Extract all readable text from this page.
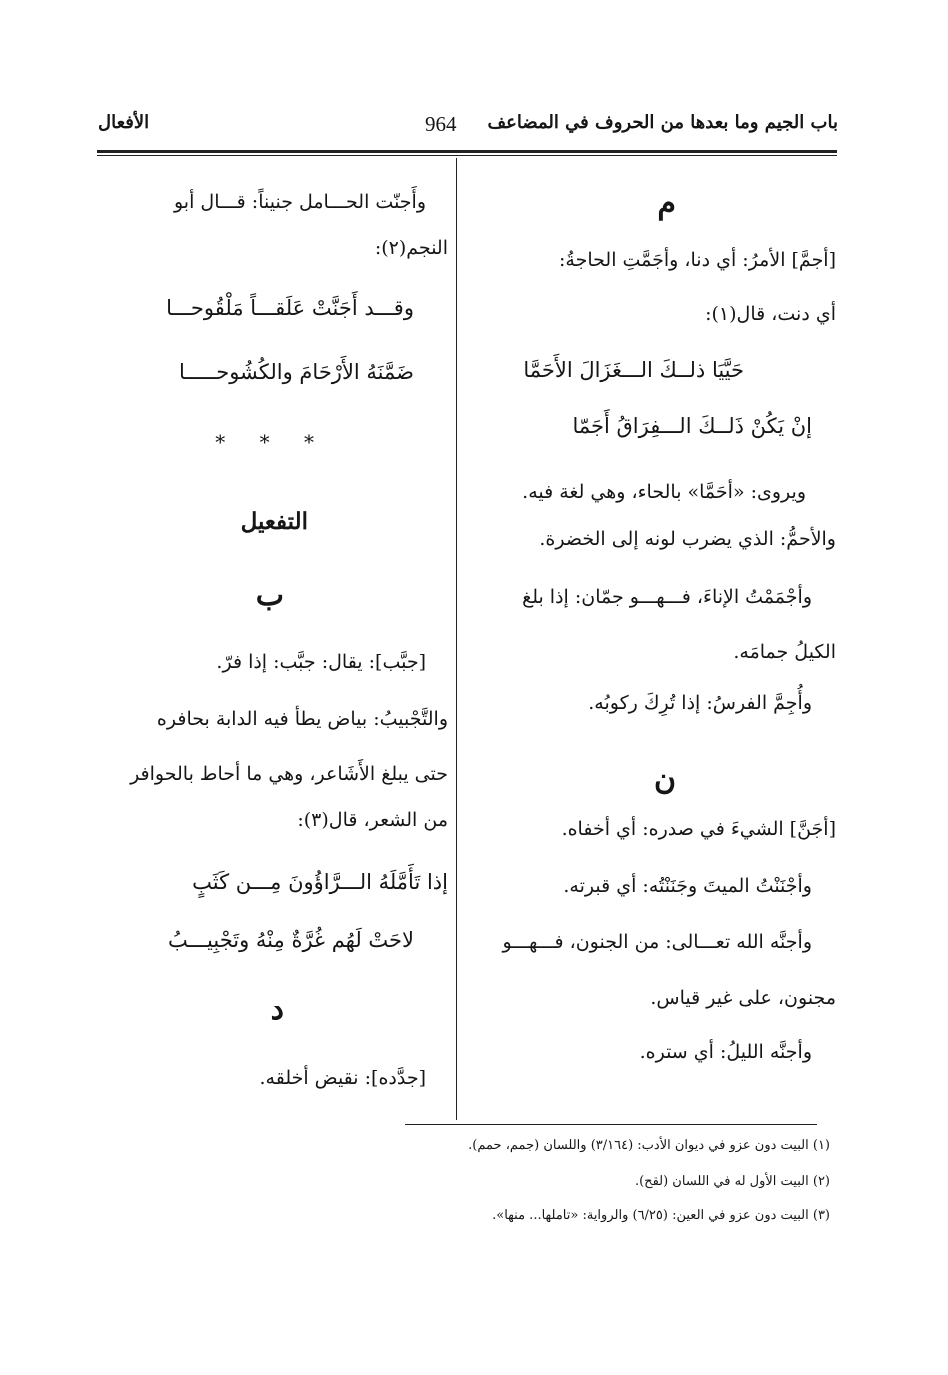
باب الجيم وما بعدها من الحروف في المضاعف
964
الأفعال
م
[أجمَّ] الأمرُ: أي دنا، وأجَمَّتِ الحاجةُ:
أي دنت، قال(١):
حَيَّيَا ذلــكَ الـــغَزَالَ الأَحَمَّا
إنْ يَكُنْ ذَلــكَ الـــفِرَاقُ أَجَمّا
ويروى: «أحَمَّا» بالحاء، وهي لغة فيه.
والأحمُّ: الذي يضرب لونه إلى الخضرة.
وأجْمَمْتُ الإناءَ، فـــهـــو جمّان: إذا بلغ
الكيلُ جمامَه.
وأُجِمَّ الفرسُ: إذا تُرِكَ ركوبُه.
ن
[أجَنَّ] الشيءَ في صدره: أي أخفاه.
وأجْنَنْتُ الميتَ وجَنَنْتُه: أي قبرته.
وأجنَّه الله تعـــالى: من الجنون، فـــهـــو
مجنون، على غير قياس.
وأجنَّه الليلُ: أي ستره.
وأَجنّت الحـــامل جنيناً: قـــال أبو
النجم(٢):
وقـــد أَجَنَّتْ عَلَقـــاً مَلْقُوحـــا
ضَمَّنَهُ الأَرْحَامَ والكُشُوحـــــا
* * *
التفعيل
ب
[جبَّب]: يقال: جبَّب: إذا فرّ.
والتَّجْبيبُ: بياض يطأ فيه الدابة بحافره
حتى يبلغ الأَشَاعر، وهي ما أحاط بالحوافر
من الشعر، قال(٣):
إذا تَأَمَّلَهُ الـــرَّاؤُونَ مِـــن كَثَبٍ
لاحَتْ لَهُم غُرَّةٌ مِنْهُ وتَجْبِيـــبُ
د
[جدَّده]: نقيض أخلقه.
(١) البيت دون عزو في ديوان الأدب: (٣/١٦٤) واللسان (جمم، حمم).
(٢) البيت الأول له في اللسان (لقح).
(٣) البيت دون عزو في العين: (٦/٢٥) والرواية: «تاملها... منها».
